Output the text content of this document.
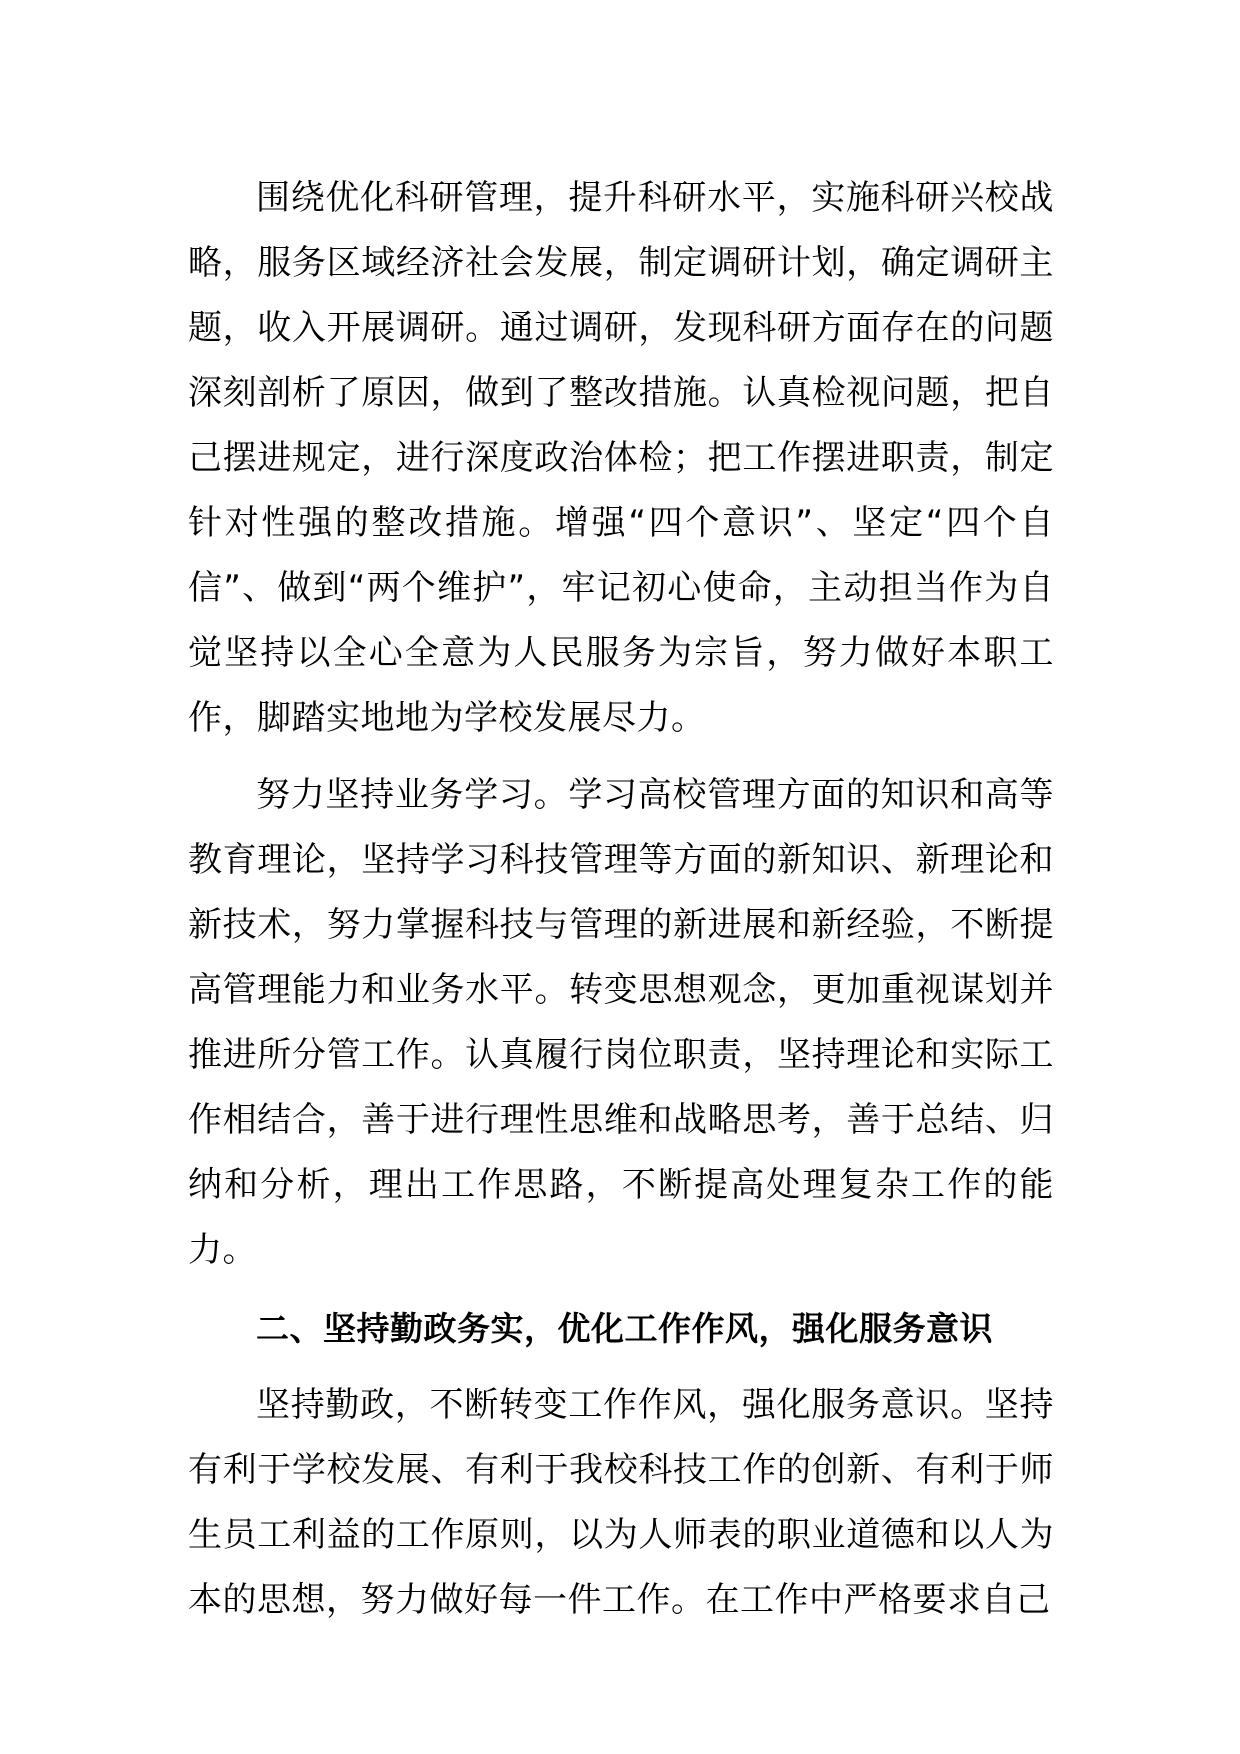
围绕优化科研管理，提升科研水平，实施科研兴校战略，服务区域经济社会发展，制定调研计划，确定调研主题，收入开展调研。通过调研，发现科研方面存在的问题深刻剖析了原因，做到了整改措施。认真检视问题，把自己摆进规定，进行深度政治体检；把工作摆进职责，制定针对性强的整改措施。增强“四个意识”、坚定“四个自信”、做到“两个维护”，牢记初心使命，主动担当作为自觉坚持以全心全意为人民服务为宗旨，努力做好本职工作，脚踏实地地为学校发展尽力。

努力坚持业务学习。学习高校管理方面的知识和高等教育理论，坚持学习科技管理等方面的新知识、新理论和新技术，努力掌握科技与管理的新进展和新经验，不断提高管理能力和业务水平。转变思想观念，更加重视谋划并推进所分管工作。认真履行岗位职责，坚持理论和实际工作相结合，善于进行理性思维和战略思考，善于总结、归纳和分析，理出工作思路，不断提高处理复杂工作的能力。

二、坚持勤政务实，优化工作作风，强化服务意识

坚持勤政，不断转变工作作风，强化服务意识。坚持有利于学校发展、有利于我校科技工作的创新、有利于师生员工利益的工作原则，以为人师表的职业道德和以人为本的思想，努力做好每一件工作。在工作中严格要求自己
